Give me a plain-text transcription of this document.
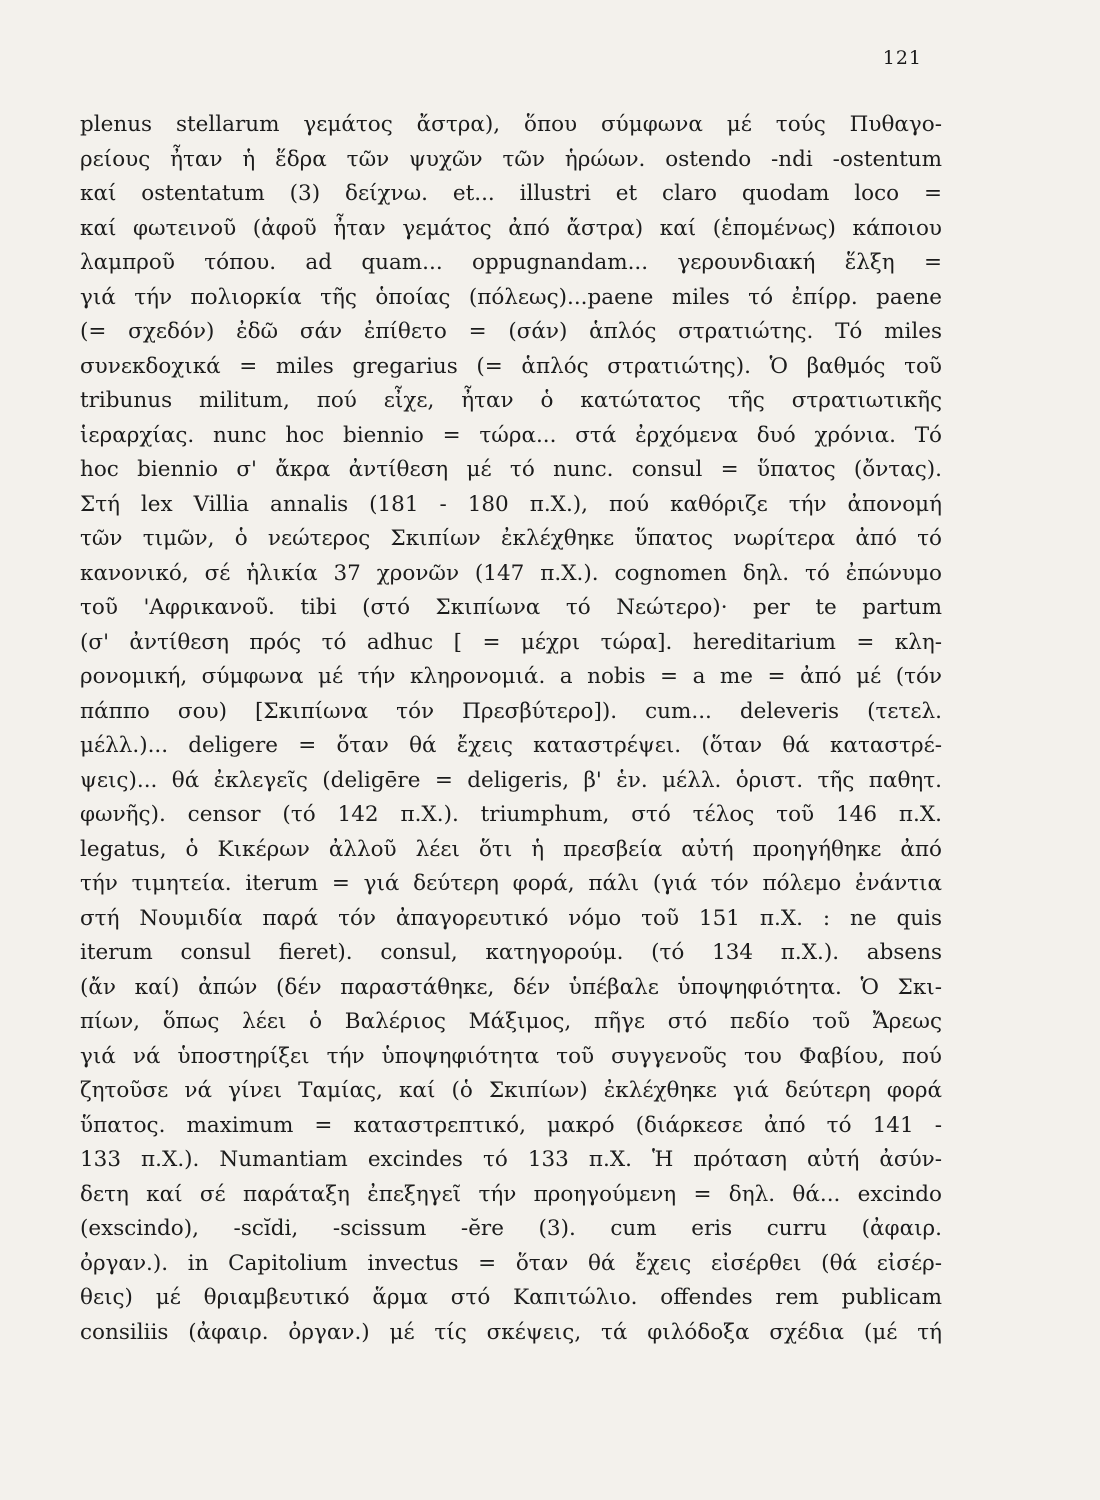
121
plenus stellarum γεμάτος ἄστρα), ὅπου σύμφωνα μέ τούς Πυθαγο-
ρείους ἦταν ἡ ἕδρα τῶν ψυχῶν τῶν ἡρώων. ostendo -ndi -ostentum
καί ostentatum (3) δείχνω. et... illustri et claro quodam loco =
καί φωτεινοῦ (ἀφοῦ ἦταν γεμάτος ἀπό ἄστρα) καί (ἑπομένως) κάποιου
λαμπροῦ τόπου. ad quam... oppugnandam... γερουνδιακή ἕλξη =
γιά τήν πολιορκία τῆς ὁποίας (πόλεως)...paene miles τό ἐπίρρ. paene
(= σχεδόν) ἐδῶ σάν ἐπίθετο = (σάν) ἁπλός στρατιώτης. Τό miles
συνεκδοχικά = miles gregarius (= ἁπλός στρατιώτης). Ὁ βαθμός τοῦ
tribunus militum, πού εἶχε, ἦταν ὁ κατώτατος τῆς στρατιωτικῆς
ἱεραρχίας. nunc hoc biennio = τώρα... στά ἐρχόμενα δυό χρόνια. Τό
hoc biennio σ' ἄκρα ἀντίθεση μέ τό nunc. consul = ὕπατος (ὄντας).
Στή lex Villia annalis (181 - 180 π.Χ.), πού καθόριζε τήν ἀπονομή
τῶν τιμῶν, ὁ νεώτερος Σκιπίων ἐκλέχθηκε ὕπατος νωρίτερα ἀπό τό
κανονικό, σέ ἡλικία 37 χρονῶν (147 π.Χ.). cognomen δηλ. τό ἐπώνυμο
τοῦ 'Αφρικανοῦ. tibi (στό Σκιπίωνα τό Νεώτερο)· per te partum
(σ' ἀντίθεση πρός τό adhuc [ = μέχρι τώρα]. hereditarium = κλη-
ρονομική, σύμφωνα μέ τήν κληρονομιά. a nobis = a me = ἀπό μέ (τόν
πάππο σου) [Σκιπίωνα τόν Πρεσβύτερο]). cum... deleveris (τετελ.
μέλλ.)... deligere = ὅταν θά ἔχεις καταστρέψει. (ὅταν θά καταστρέ-
ψεις)... θά ἐκλεγεῖς (deligēre = deligeris, β' ἑν. μέλλ. ὁριστ. τῆς παθητ.
φωνῆς). censor (τό 142 π.Χ.). triumphum, στό τέλος τοῦ 146 π.Χ.
legatus, ὁ Κικέρων ἀλλοῦ λέει ὅτι ἡ πρεσβεία αὐτή προηγήθηκε ἀπό
τήν τιμητεία. iterum = γιά δεύτερη φορά, πάλι (γιά τόν πόλεμο ἐνάντια
στή Νουμιδία παρά τόν ἀπαγορευτικό νόμο τοῦ 151 π.Χ. : ne quis
iterum consul fieret). consul, κατηγορούμ. (τό 134 π.Χ.). absens
(ἄν καί) ἀπών (δέν παραστάθηκε, δέν ὑπέβαλε ὑποψηφιότητα. Ὁ Σκι-
πίων, ὅπως λέει ὁ Βαλέριος Μάξιμος, πῆγε στό πεδίο τοῦ Ἄρεως
γιά νά ὑποστηρίξει τήν ὑποψηφιότητα τοῦ συγγενοῦς του Φαβίου, πού
ζητοῦσε νά γίνει Ταμίας, καί (ὁ Σκιπίων) ἐκλέχθηκε γιά δεύτερη φορά
ὕπατος. maximum = καταστρεπτικό, μακρό (διάρκεσε ἀπό τό 141 -
133 π.Χ.). Numantiam excindes τό 133 π.Χ. Ἡ πρόταση αὐτή ἀσύν-
δετη καί σέ παράταξη ἐπεξηγεῖ τήν προηγούμενη = δηλ. θά... excindo
(exscindo), -scĭdi, -scissum -ĕre (3). cum eris curru (ἀφαιρ.
ὀργαν.). in Capitolium invectus = ὅταν θά ἔχεις εἰσέρθει (θά εἰσέρ-
θεις) μέ θριαμβευτικό ἅρμα στό Καπιτώλιο. offendes rem publicam
consiliis (ἀφαιρ. ὀργαν.) μέ τίς σκέψεις, τά φιλόδοξα σχέδια (μέ τή
